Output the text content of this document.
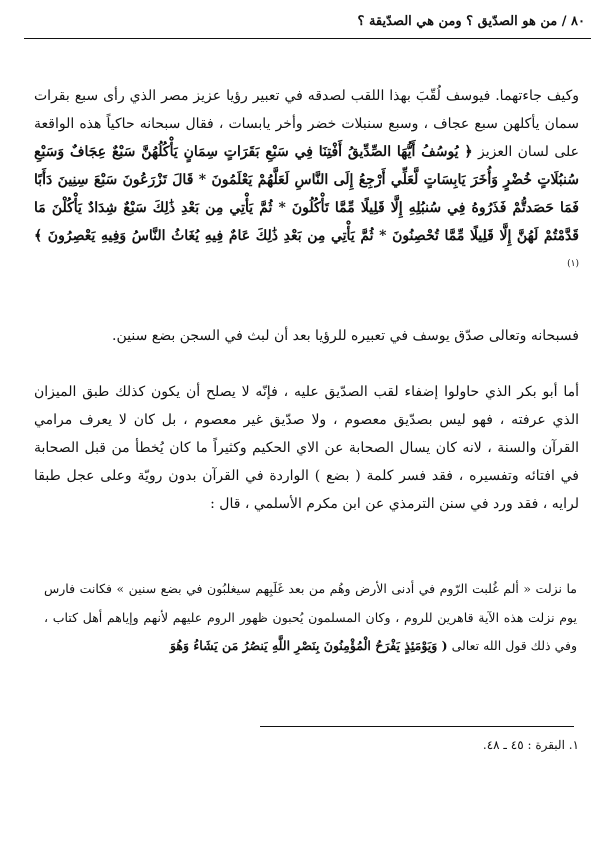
٨٠ / من هو الصدّيق ؟ ومن هي الصدّيقة ؟
وكيف جاءتهما. فيوسف لُقّبَ بهذا اللقب لصدقه في تعبير رؤيا عزيز مصر الذي رأى سبع بقرات سمان يأكلهن سبع عجاف ، وسبع سنبلات خضر وأخر يابسات ، فقال سبحانه حاكياً هذه الواقعة على لسان العزيز ﴿ يُوسُفُ أَيُّهَا الصِّدِّيقُ أَفْتِنَا فِي سَبْعِ بَقَرَاتٍ سِمَانٍ يَأْكُلُهُنَّ سَبْعٌ عِجَافٌ وَسَبْعِ سُنبُلَاتٍ خُضْرٍ وَأُخَرَ يَابِسَاتٍ لَّعَلِّي أَرْجِعُ إِلَى النَّاسِ لَعَلَّهُمْ يَعْلَمُونَ * قَالَ تَزْرَعُونَ سَبْعَ سِنِينَ دَأَبًا فَمَا حَصَدتُّمْ فَذَرُوهُ فِي سُنبُلِهِ إِلَّا قَلِيلًا مِّمَّا تَأْكُلُونَ * ثُمَّ يَأْتِي مِن بَعْدِ ذَٰلِكَ سَبْعٌ شِدَادٌ يَأْكُلْنَ مَا قَدَّمْتُمْ لَهُنَّ إِلَّا قَلِيلًا مِّمَّا تُحْصِنُونَ * ثُمَّ يَأْتِي مِن بَعْدِ ذَٰلِكَ عَامٌ فِيهِ يُغَاثُ النَّاسُ وَفِيهِ يَعْصِرُونَ ﴾ $^{(١)}$
فسبحانه وتعالى صدّق يوسف في تعبيره للرؤيا بعد أن لبث في السجن بضع سنين.
أما أبو بكر الذي حاولوا إضفاء لقب الصدّيق عليه ، فإنّه لا يصلح أن يكون كذلك طبق الميزان الذي عرفته ، فهو ليس بصدّيق معصوم ، ولا صدّيق غير معصوم ، بل كان لا يعرف مرامي القرآن والسنة ، لانه كان يسال الصحابة عن الاي الحكيم وكثيراً ما كان يُخطأ من قبل الصحابة في افتائه وتفسيره ، فقد فسر كلمة ( بضع ) الواردة في القرآن بدون رويّة وعلى عجل طبقا لرايه ، فقد ورد في سنن الترمذي عن ابن مكرم الأسلمي ، قال :
ما نزلت « ألم غُلبت الرّوم في أدنى الأرض وهُم من بعد غَلَبِهم سيغلبُون في بضع سنين » فكانت فارس يوم نزلت هذه الآية قاهرين للروم ، وكان المسلمون يُحبون ظهور الروم عليهم لأنهم وإياهم أهل كتاب ، وفي ذلك قول الله تعالى ( وَيَوْمَئِذٍ يَفْرَحُ الْمُؤْمِنُونَ بِنَصْرِ اللَّهِ يَنصُرُ مَن يَشَاءُ وَهُوَ
١. البقرة : ٤٥ ـ ٤٨.
